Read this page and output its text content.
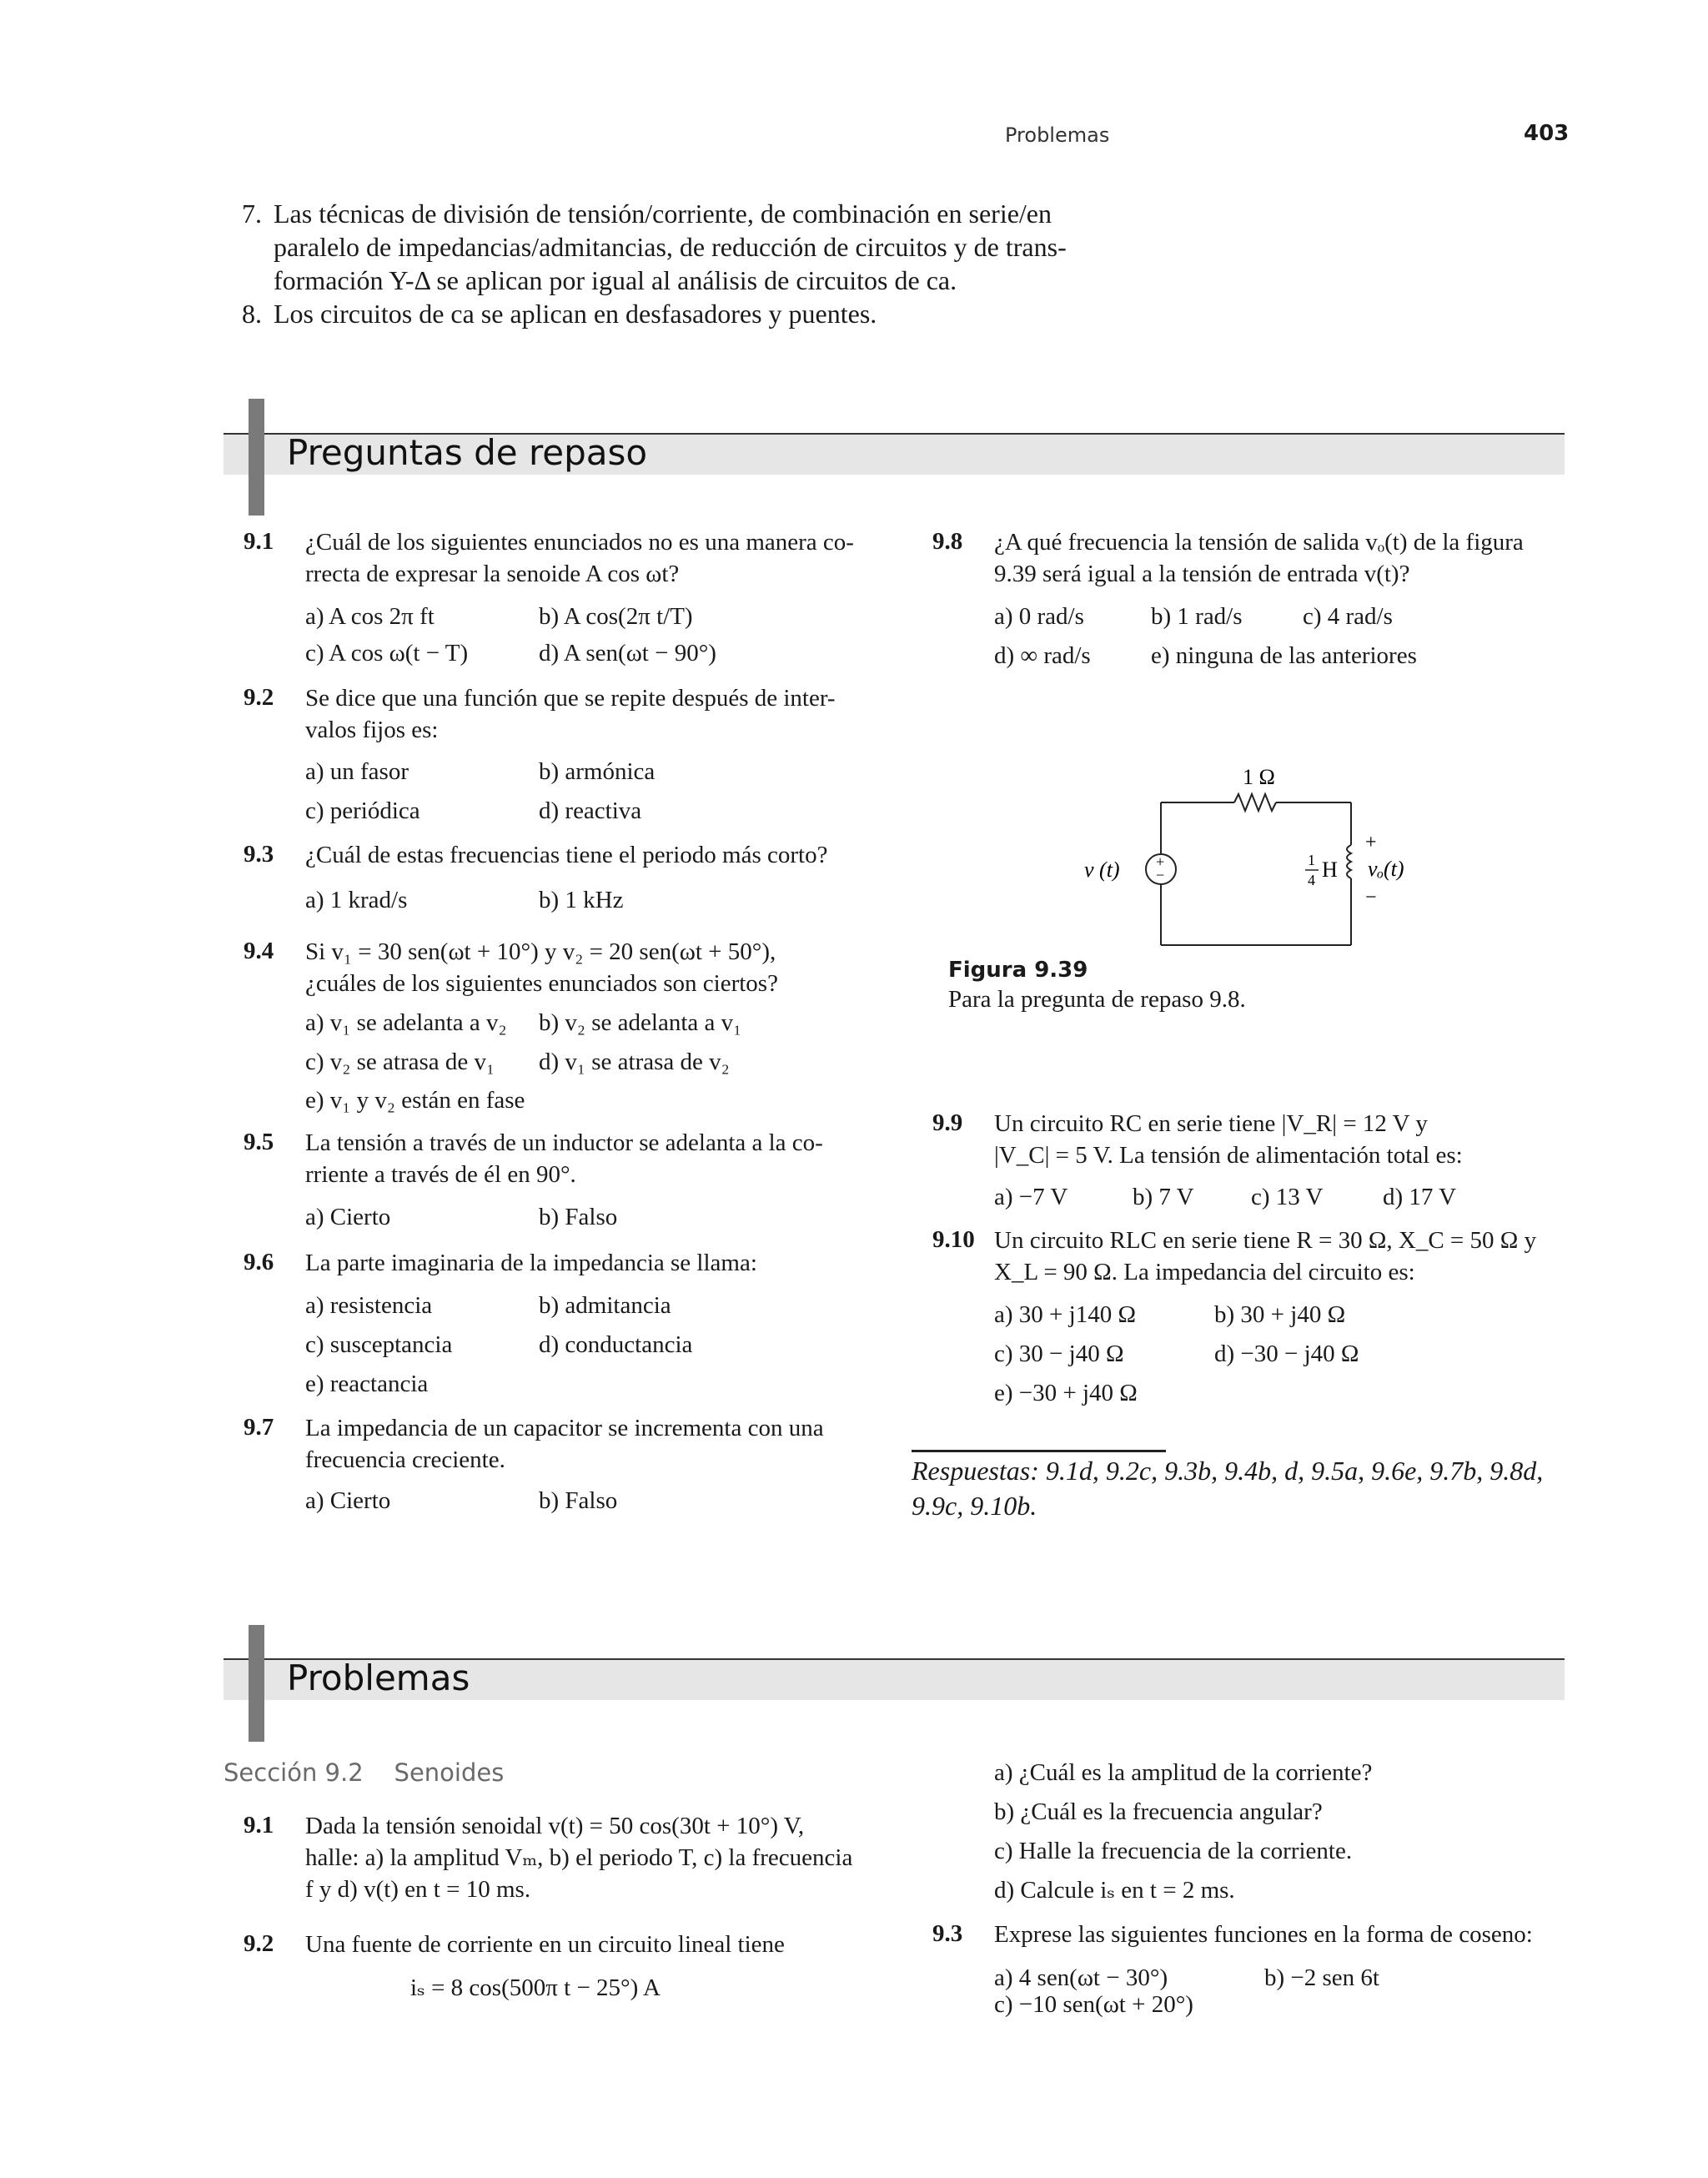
Problemas	403
7. Las técnicas de división de tensión/corriente, de combinación en serie/en
paralelo de impedancias/admitancias, de reducción de circuitos y de trans-
formación Y-Δ se aplican por igual al análisis de circuitos de ca.
8. Los circuitos de ca se aplican en desfasadores y puentes.
Preguntas de repaso
9.1 ¿Cuál de los siguientes enunciados no es una manera co-
rrecta de expresar la senoide A cos ωt?
a) A cos 2π ft	b) A cos(2π t/T)
c) A cos ω(t − T)	d) A sen(ωt − 90°)
9.2 Se dice que una función que se repite después de inter-
valos fijos es:
a) un fasor	b) armónica
c) periódica	d) reactiva
9.3 ¿Cuál de estas frecuencias tiene el periodo más corto?
a) 1 krad/s	b) 1 kHz
9.4 Si v₁ = 30 sen(ωt + 10°) y v₂ = 20 sen(ωt + 50°),
¿cuáles de los siguientes enunciados son ciertos?
a) v₁ se adelanta a v₂ b) v₂ se adelanta a v₁
c) v₂ se atrasa de v₁ d) v₁ se atrasa de v₂
e) v₁ y v₂ están en fase
9.5 La tensión a través de un inductor se adelanta a la co-
rriente a través de él en 90°.
a) Cierto	b) Falso
9.6 La parte imaginaria de la impedancia se llama:
a) resistencia	b) admitancia
c) susceptancia	d) conductancia
e) reactancia
9.7 La impedancia de un capacitor se incrementa con una
frecuencia creciente.
a) Cierto	b) Falso
9.8 ¿A qué frecuencia la tensión de salida vₒ(t) de la figura
9.39 será igual a la tensión de entrada v(t)?
a) 0 rad/s	b) 1 rad/s c) 4 rad/s
d) ∞ rad/s e) ninguna de las anteriores
+
−
1 Ω
v (t)	1
4 H
+
vₒ(t)
−
Figura 9.39
Para la pregunta de repaso 9.8.
9.9 Un circuito RC en serie tiene |V_R| = 12 V y
|V_C| = 5 V. La tensión de alimentación total es:
a) −7 V	b) 7 V c) 13 V d) 17 V
9.10 Un circuito RLC en serie tiene R = 30 Ω, X_C = 50 Ω y
X_L = 90 Ω. La impedancia del circuito es:
a) 30 + j140 Ω	b) 30 + j40 Ω
c) 30 − j40 Ω	d) −30 − j40 Ω
e) −30 + j40 Ω
Respuestas: 9.1d, 9.2c, 9.3b, 9.4b, d, 9.5a, 9.6e, 9.7b, 9.8d,
9.9c, 9.10b.
Problemas
Sección 9.2    Senoides
9.1 Dada la tensión senoidal v(t) = 50 cos(30t + 10°) V,
halle: a) la amplitud Vₘ, b) el periodo T, c) la frecuencia
f y d) v(t) en t = 10 ms.
9.2 Una fuente de corriente en un circuito lineal tiene
iₛ = 8 cos(500π t − 25°) A
a) ¿Cuál es la amplitud de la corriente?
b) ¿Cuál es la frecuencia angular?
c) Halle la frecuencia de la corriente.
d) Calcule iₛ en t = 2 ms.
9.3 Exprese las siguientes funciones en la forma de coseno:
a) 4 sen(ωt − 30°)	b) −2 sen 6t
c) −10 sen(ωt + 20°)
